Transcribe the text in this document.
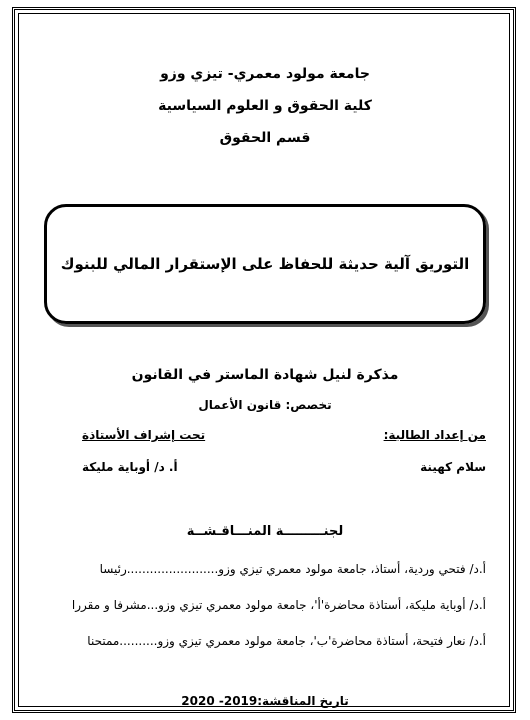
جامعة مولود معمري- تيزي وزو
كلية الحقوق و العلوم السياسية
قسم الحقوق
التوريق آلية حديثة للحفاظ على الإستقرار المالي للبنوك
مذكرة لنيل شهادة الماستر في القانون
تخصص: قانون الأعمال
من إعداد الطالبة:
تحت إشراف الأستاذة
سلام كهينة
أ. د/ أوباية مليكة
لجنـــــــــة المنـــاقـشــة
أ.د/ فتحي وردية، أستاذ، جامعة مولود معمري تيزي وزو........................رئيسا
أ.د/ أوباية مليكة، أستاذة محاضرة'أ'، جامعة مولود معمري تيزي وزو...مشرفا و مقررا
أ.د/ نعار فتيحة، أستاذة محاضرة'ب'، جامعة مولود معمري تيزي وزو..........ممتحنا
تاريخ المناقشة:2019- 2020
